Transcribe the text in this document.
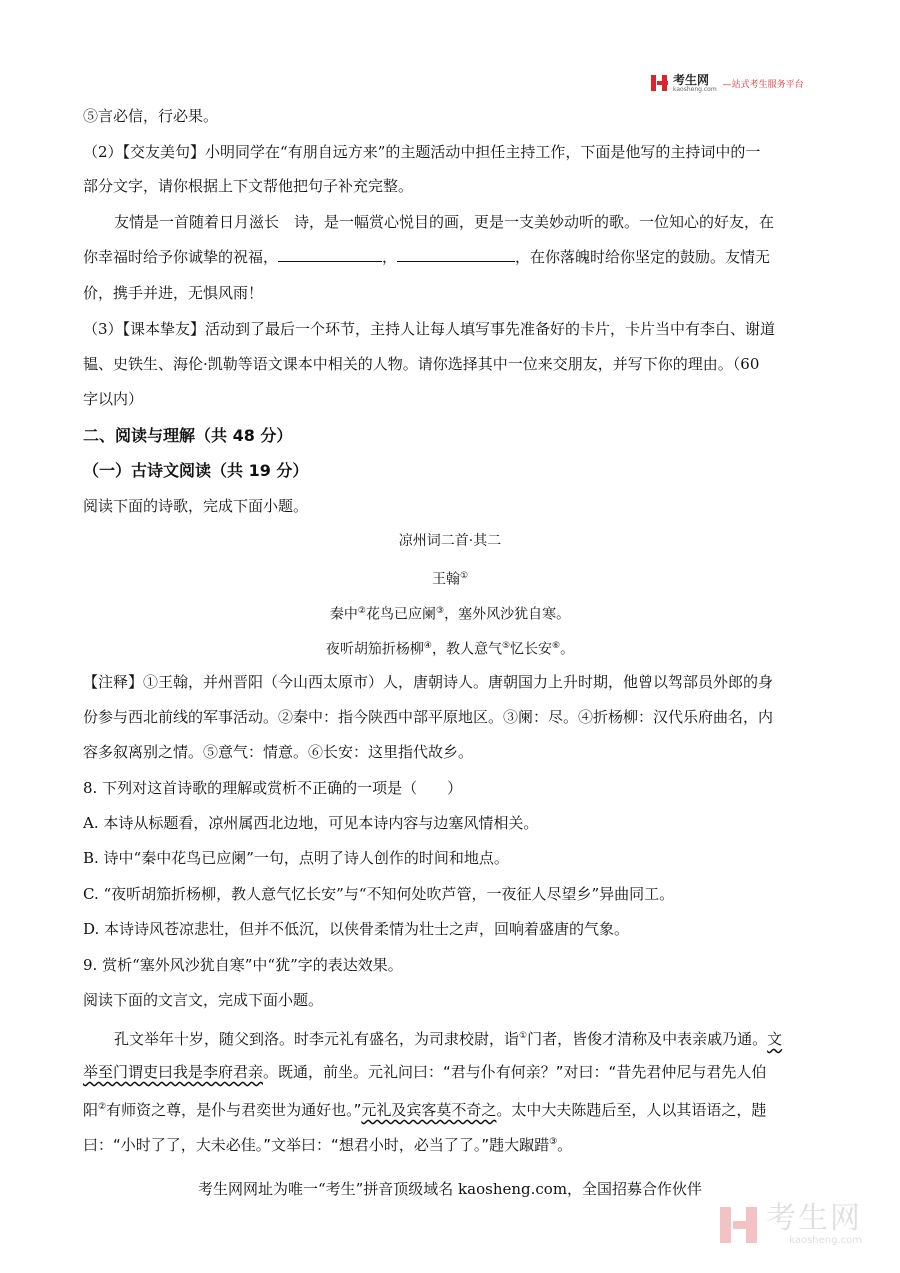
考生网
kaosheng.com —站式考生服务平台
⑤言必信，行必果。
（2）【交友美句】小明同学在“有朋自远方来”的主题活动中担任主持工作，下面是他写的主持词中的一
部分文字，请你根据上下文帮他把句子补充完整。
友情是一首随着日月滋长　诗，是一幅赏心悦目的画，更是一支美妙动听的歌。一位知心的好友，在
你幸福时给予你诚挚的祝福，	，	，在你落魄时给你坚定的鼓励。友情无
价，携手并进，无惧风雨！
（3）【课本挚友】活动到了最后一个环节，主持人让每人填写事先准备好的卡片，卡片当中有李白、谢道
韫、史铁生、海伦·凯勒等语文课本中相关的人物。请你选择其中一位来交朋友，并写下你的理由。（60
字以内）
二、阅读与理解（共 48 分）
（一）古诗文阅读（共 19 分）
阅读下面的诗歌，完成下面小题。
凉州词二首·其二
王翰①
秦中②花鸟已应阑③，塞外风沙犹自寒。
夜听胡笳折杨柳④，教人意气⑤忆长安⑥。
【注释】①王翰，并州晋阳（今山西太原市）人，唐朝诗人。唐朝国力上升时期，他曾以驾部员外郎的身
份参与西北前线的军事活动。②秦中：指今陕西中部平原地区。③阑：尽。④折杨柳：汉代乐府曲名，内
容多叙离别之情。⑤意气：情意。⑥长安：这里指代故乡。
8. 下列对这首诗歌的理解或赏析不正确的一项是（　　）
A. 本诗从标题看，凉州属西北边地，可见本诗内容与边塞风情相关。
B. 诗中“秦中花鸟已应阑”一句，点明了诗人创作的时间和地点。
C. “夜听胡笳折杨柳，教人意气忆长安”与“不知何处吹芦管，一夜征人尽望乡”异曲同工。
D. 本诗诗风苍凉悲壮，但并不低沉，以侠骨柔情为壮士之声，回响着盛唐的气象。
9. 赏析“塞外风沙犹自寒”中“犹”字的表达效果。
阅读下面的文言文，完成下面小题。
孔文举年十岁，随父到洛。时李元礼有盛名，为司隶校尉，诣①门者，皆俊才清称及中表亲戚乃通。文
举至门谓吏曰我是李府君亲。既通，前坐。元礼问曰：“君与仆有何亲？”对曰：“昔先君仲尼与君先人伯
阳②有师资之尊，是仆与君奕世为通好也。”元礼及宾客莫不奇之。太中大夫陈韪后至，人以其语语之，韪
曰：“小时了了，大未必佳。”文举曰：“想君小时，必当了了。”韪大踧踖③。
考生网网址为唯一“考生”拼音顶级域名 kaosheng.com，全国招募合作伙伴
考生网
kaosheng.com
